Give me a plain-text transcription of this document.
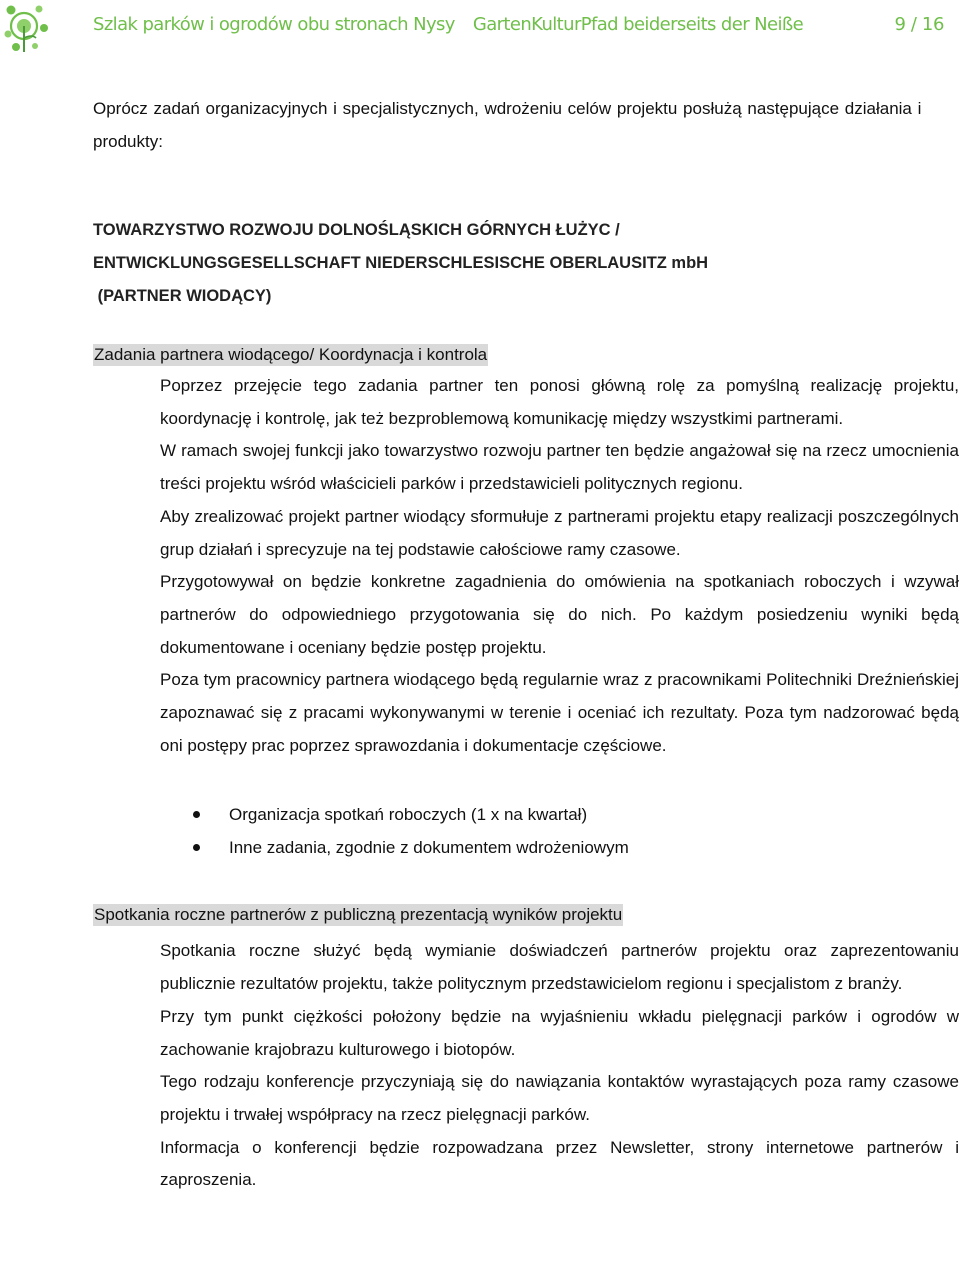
Szlak parków i ogrodów obu stronach Nysy GartenKulturPfad beiderseits der Neiße	9 / 16

Oprócz zadań organizacyjnych i specjalistycznych, wdrożeniu celów projektu posłużą następujące działania i produkty:

TOWARZYSTWO ROZWOJU DOLNOŚLĄSKICH GÓRNYCH ŁUŻYC /
ENTWICKLUNGSGESELLSCHAFT NIEDERSCHLESISCHE OBERLAUSITZ mbH
(PARTNER WIODĄCY)
Zadania partnera wiodącego/ Koordynacja i kontrola

Poprzez przejęcie tego zadania partner ten ponosi główną rolę za pomyślną realizację projektu, koordynację i kontrolę, jak też bezproblemową komunikację między wszystkimi partnerami.

W ramach swojej funkcji jako towarzystwo rozwoju partner ten będzie angażował się na rzecz umocnienia treści projektu wśród właścicieli parków i przedstawicieli politycznych regionu.

Aby zrealizować projekt partner wiodący sformułuje z partnerami projektu etapy realizacji poszczególnych grup działań i sprecyzuje na tej podstawie całościowe ramy czasowe.

Przygotowywał on będzie konkretne zagadnienia do omówienia na spotkaniach roboczych i wzywał partnerów do odpowiedniego przygotowania się do nich. Po każdym posiedzeniu wyniki będą dokumentowane i oceniany będzie postęp projektu.

Poza tym pracownicy partnera wiodącego będą regularnie wraz z pracownikami Politechniki Dreźnieńskiej zapoznawać się z pracami wykonywanymi w terenie i oceniać ich rezultaty. Poza tym nadzorować będą oni postępy prac poprzez sprawozdania i dokumentacje częściowe.

Organizacja spotkań roboczych (1 x na kwartał)
Inne zadania, zgodnie z dokumentem wdrożeniowym
Spotkania roczne partnerów z publiczną prezentacją wyników projektu

Spotkania roczne służyć będą wymianie doświadczeń partnerów projektu oraz zaprezentowaniu publicznie rezultatów projektu, także politycznym przedstawicielom regionu i specjalistom z branży.

Przy tym punkt ciężkości położony będzie na wyjaśnieniu wkładu pielęgnacji parków i ogrodów w zachowanie krajobrazu kulturowego i biotopów.

Tego rodzaju konferencje przyczyniają się do nawiązania kontaktów wyrastających poza ramy czasowe projektu i trwałej współpracy na rzecz pielęgnacji parków.

Informacja o konferencji będzie rozpowadzana przez Newsletter, strony internetowe partnerów i zaproszenia.
